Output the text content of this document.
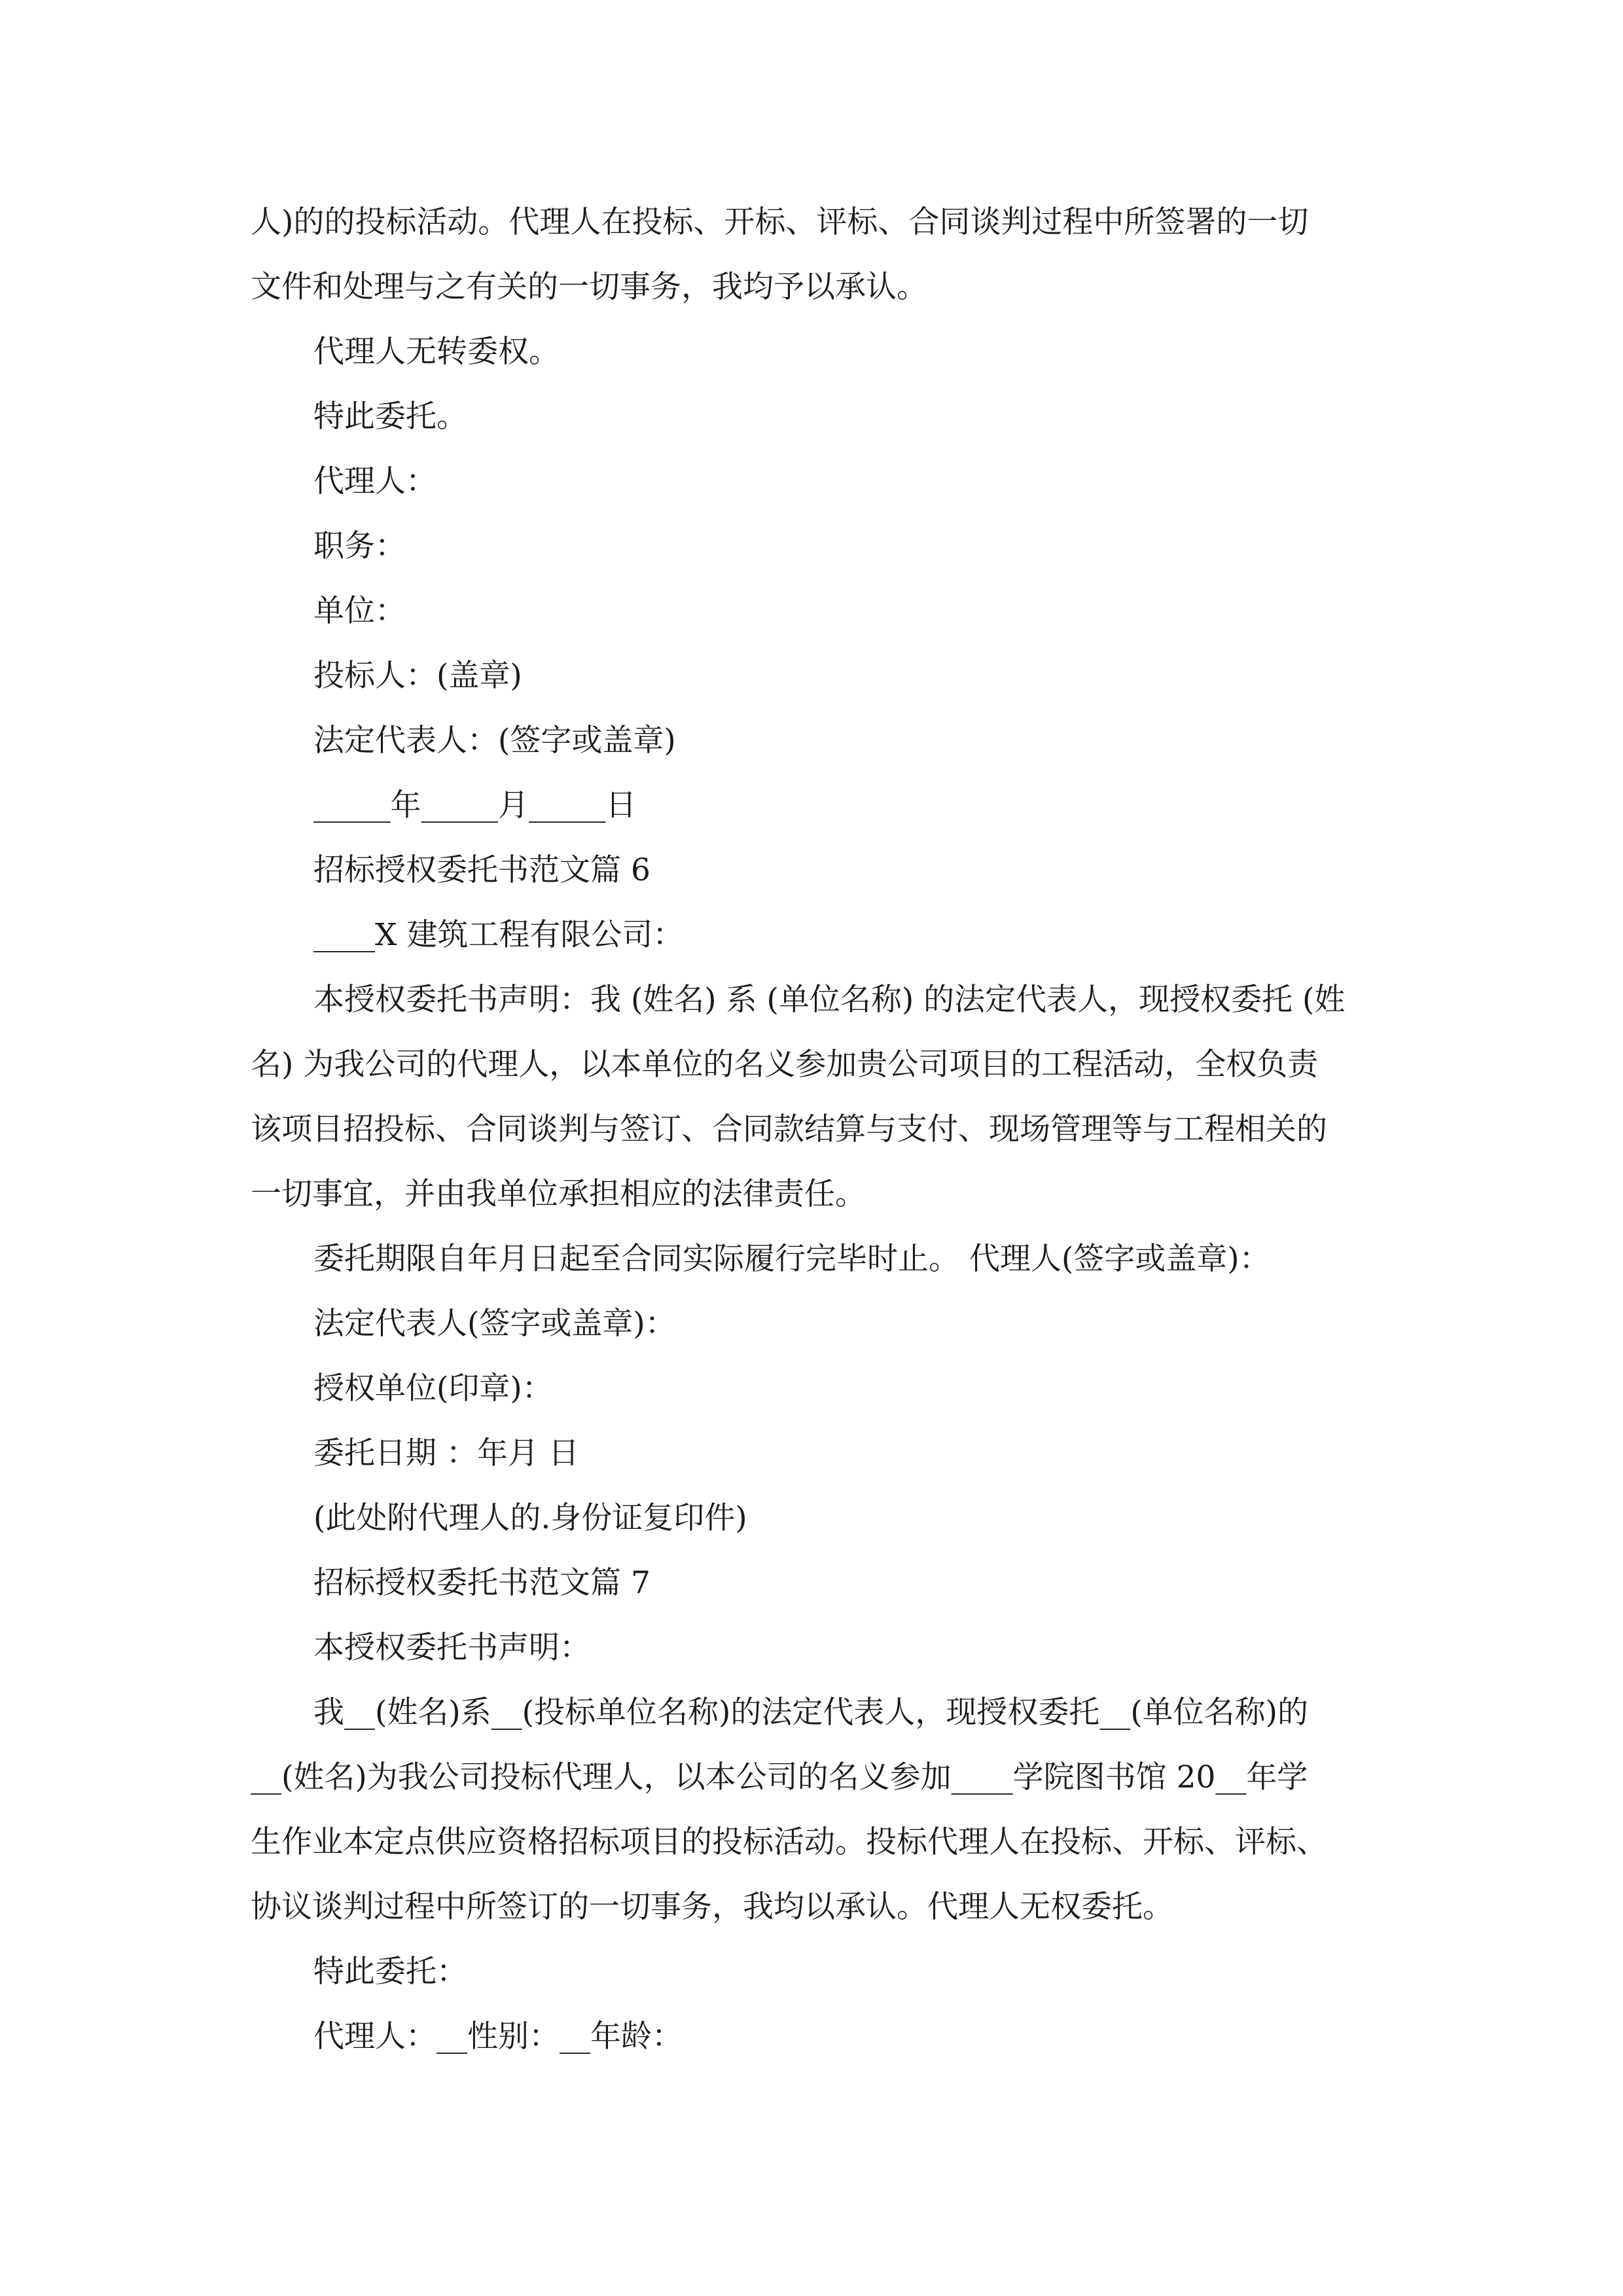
人)的的投标活动。代理人在投标、开标、评标、合同谈判过程中所签署的一切

文件和处理与之有关的一切事务，我均予以承认。

代理人无转委权。

特此委托。

代理人：

职务：

单位：

投标人：(盖章)

法定代表人：(签字或盖章)

_____年_____月_____日

招标授权委托书范文篇 6

____X 建筑工程有限公司：

本授权委托书声明：我 (姓名) 系 (单位名称) 的法定代表人，现授权委托 (姓

名) 为我公司的代理人，以本单位的名义参加贵公司项目的工程活动，全权负责

该项目招投标、合同谈判与签订、合同款结算与支付、现场管理等与工程相关的

一切事宜，并由我单位承担相应的法律责任。

委托期限自年月日起至合同实际履行完毕时止。 代理人(签字或盖章)：

法定代表人(签字或盖章)：

授权单位(印章)：

委托日期 ：年月 日

(此处附代理人的.身份证复印件)

招标授权委托书范文篇 7

本授权委托书声明：

我__(姓名)系__(投标单位名称)的法定代表人，现授权委托__(单位名称)的

__(姓名)为我公司投标代理人，以本公司的名义参加____学院图书馆 20__年学

生作业本定点供应资格招标项目的投标活动。投标代理人在投标、开标、评标、

协议谈判过程中所签订的一切事务，我均以承认。代理人无权委托。

特此委托：

代理人：__性别：__年龄：
